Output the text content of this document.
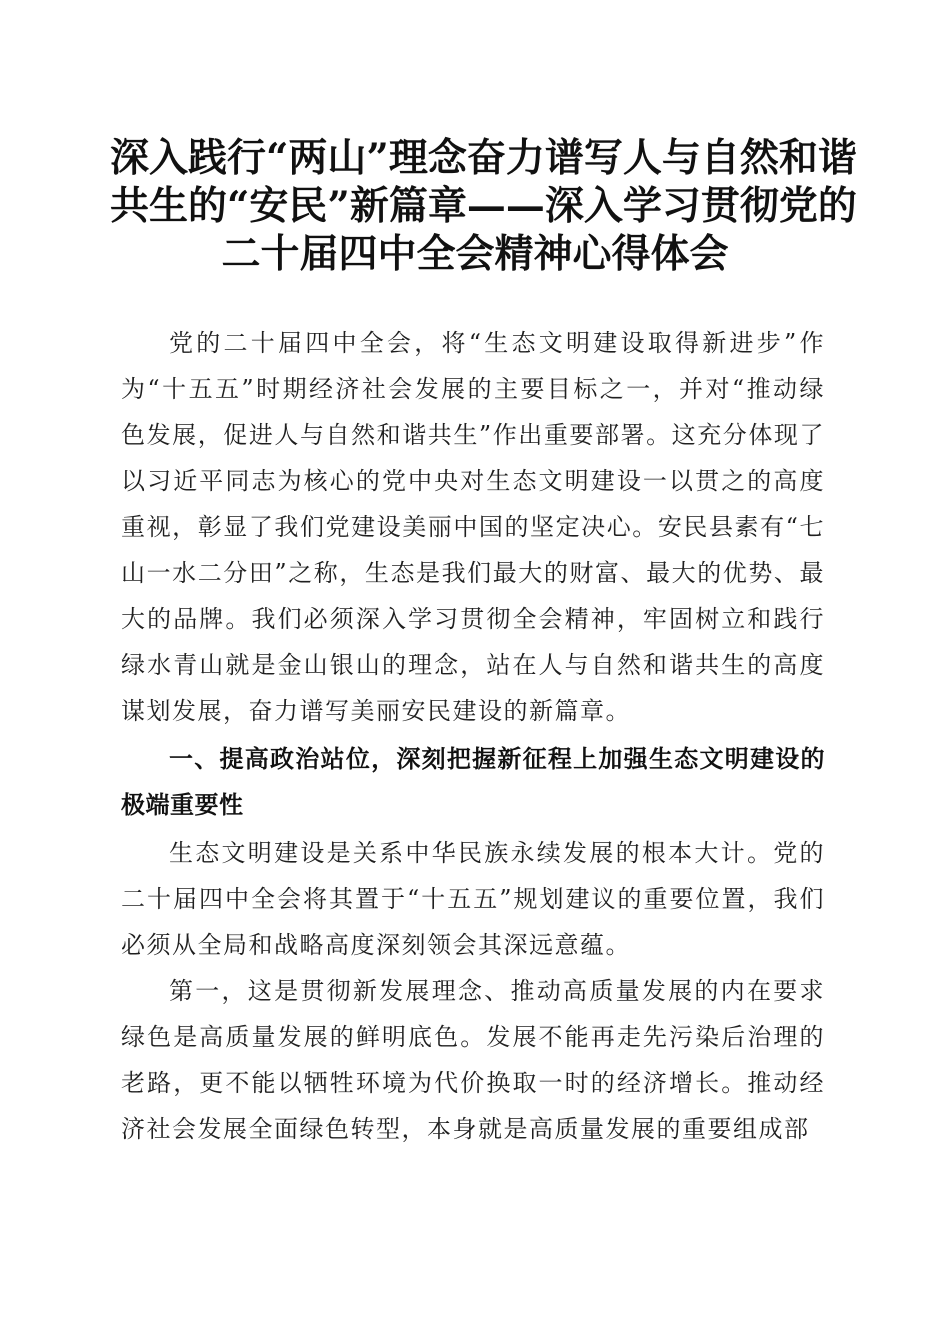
深入践行“两山”理念奋力谱写人与自然和谐
共生的“安民”新篇章——深入学习贯彻党的
二十届四中全会精神心得体会

党的二十届四中全会，将“生态文明建设取得新进步”作为“十五五”时期经济社会发展的主要目标之一，并对“推动绿色发展，促进人与自然和谐共生”作出重要部署。这充分体现了以习近平同志为核心的党中央对生态文明建设一以贯之的高度重视，彰显了我们党建设美丽中国的坚定决心。安民县素有“七山一水二分田”之称，生态是我们最大的财富、最大的优势、最大的品牌。我们必须深入学习贯彻全会精神，牢固树立和践行绿水青山就是金山银山的理念，站在人与自然和谐共生的高度谋划发展，奋力谱写美丽安民建设的新篇章。

一、提高政治站位，深刻把握新征程上加强生态文明建设的极端重要性

生态文明建设是关系中华民族永续发展的根本大计。党的二十届四中全会将其置于“十五五”规划建议的重要位置，我们必须从全局和战略高度深刻领会其深远意蕴。

第一，这是贯彻新发展理念、推动高质量发展的内在要求绿色是高质量发展的鲜明底色。发展不能再走先污染后治理的老路，更不能以牺牲环境为代价换取一时的经济增长。推动经济社会发展全面绿色转型，本身就是高质量发展的重要组成部
